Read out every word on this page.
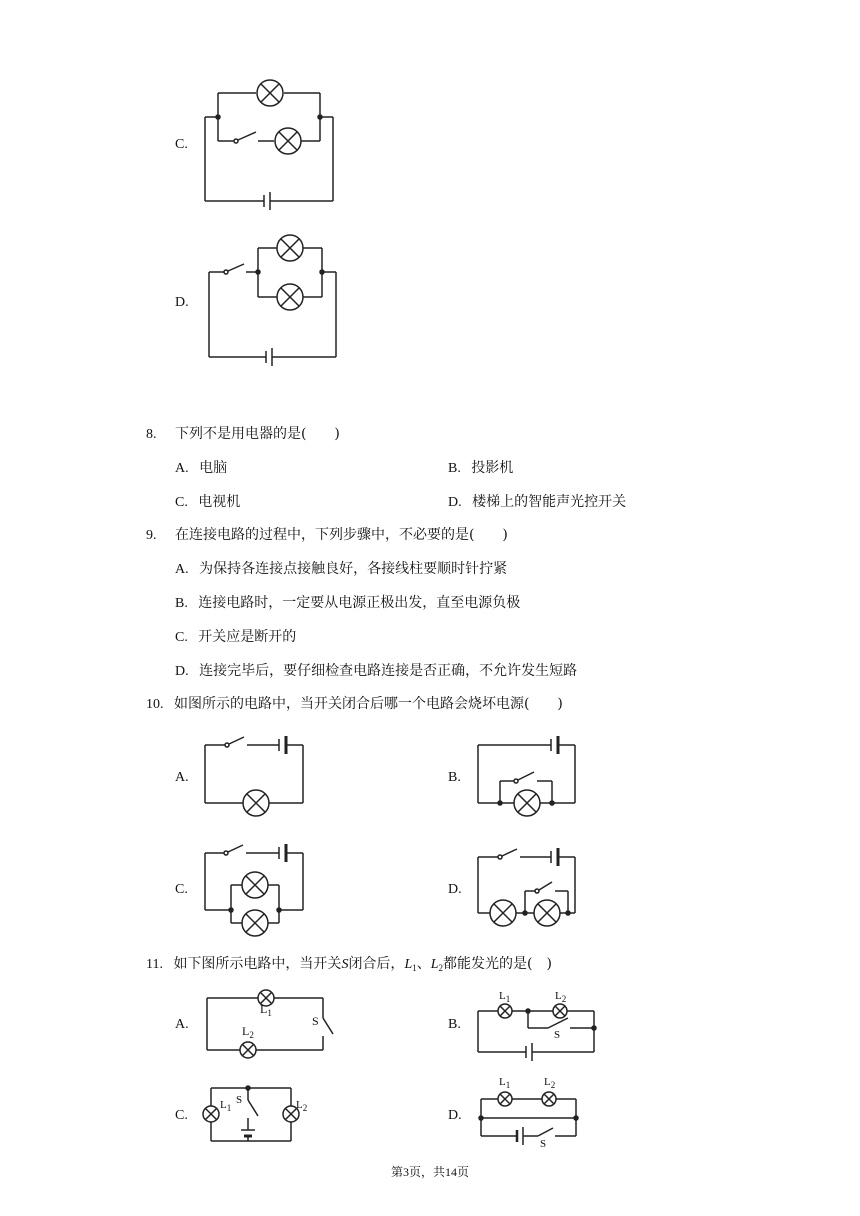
C.
D.
8. 下列不是用电器的是(　　)
A. 电脑	B. 投影机
C. 电视机	D. 楼梯上的智能声光控开关
9. 在连接电路的过程中，下列步骤中，不必要的是(　　)
A. 为保持各连接点接触良好，各接线柱要顺时针拧紧
B. 连接电路时，一定要从电源正极出发，直至电源负极
C. 开关应是断开的
D. 连接完毕后，要仔细检查电路连接是否正确，不允许发生短路
10. 如图所示的电路中，当开关闭合后哪一个电路会烧坏电源(　　)
A.	B.
C.	D.
11. 如下图所示电路中，当开关S闭合后，$L_1$、$L_2$都能发光的是(　)
A.
$L_1$
$L_2$
S	B.
$L_1$	$L_2$
S
C.
$L_1$	$L_2$
S
D.
$L_1$	$L_2$
S
第3页，共14页
